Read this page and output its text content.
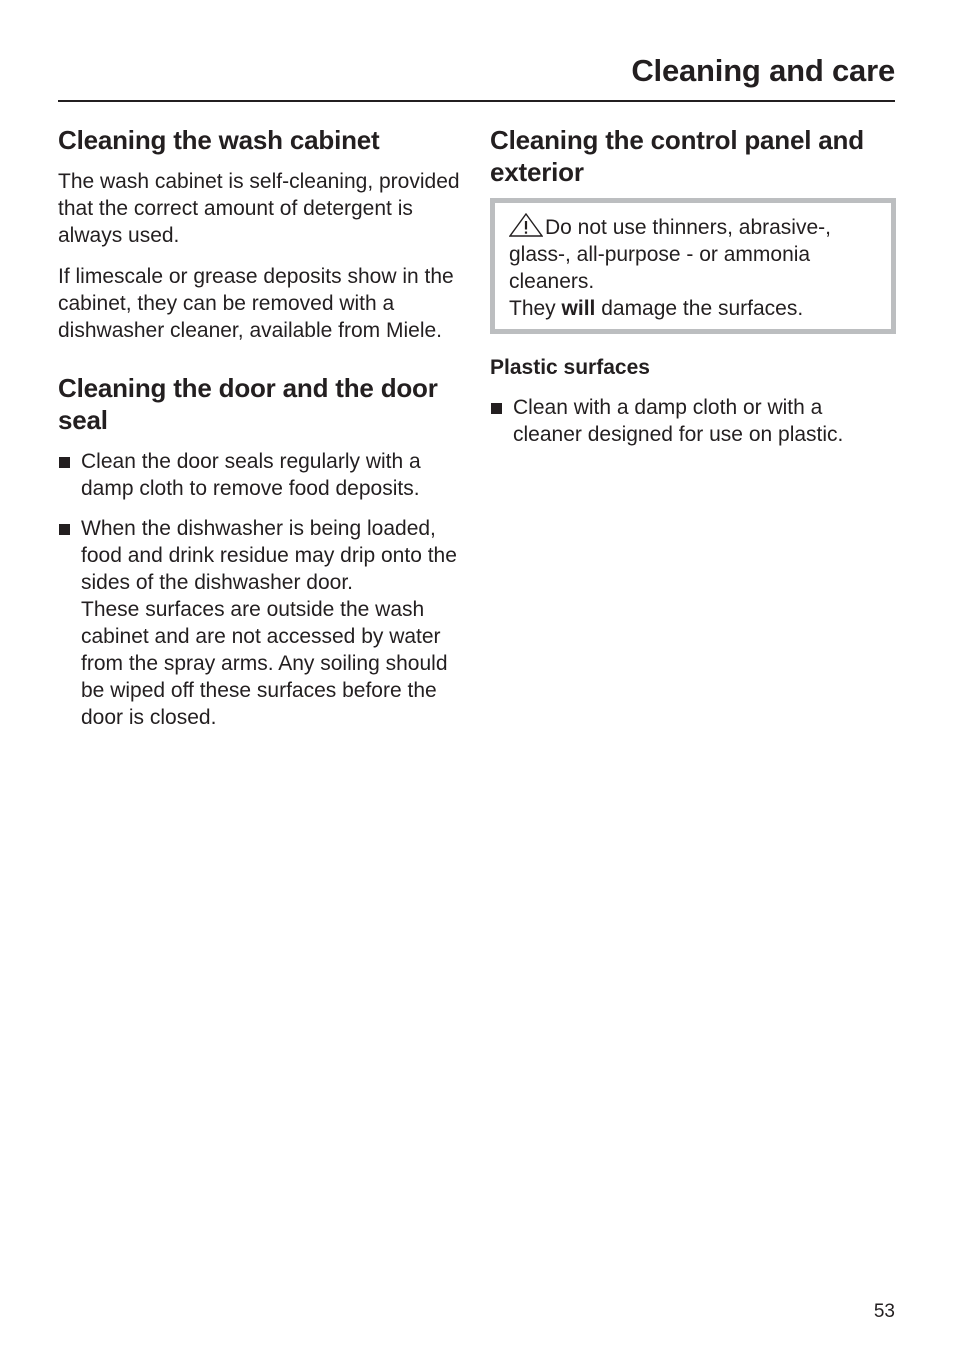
Cleaning and care
Cleaning the wash cabinet

The wash cabinet is self-cleaning, provided that the correct amount of detergent is always used.

If limescale or grease deposits show in the cabinet, they can be removed with a dishwasher cleaner, available from Miele.

Cleaning the door and the door seal
Clean the door seals regularly with a damp cloth to remove food deposits.
When the dishwasher is being loaded, food and drink residue may drip onto the sides of the dishwasher door.
These surfaces are outside the wash cabinet and are not accessed by water from the spray arms. Any soiling should be wiped off these surfaces before the door is closed.
Cleaning the control panel and exterior

Do not use thinners, abrasive-, glass-, all-purpose - or ammonia cleaners.
They will damage the surfaces.

Plastic surfaces
Clean with a damp cloth or with a cleaner designed for use on plastic.
53
